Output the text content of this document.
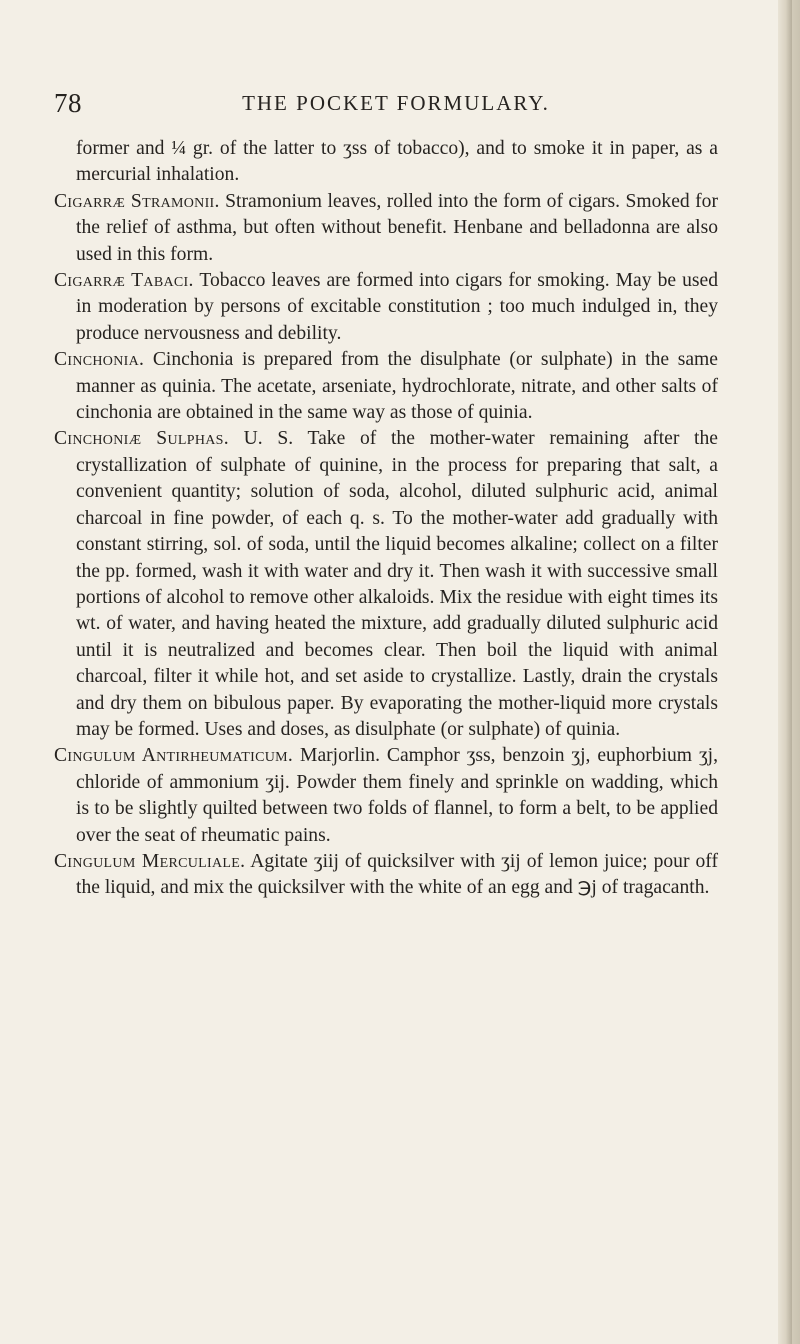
78	THE POCKET FORMULARY.

former and ¼ gr. of the latter to ʒss of tobacco), and to smoke it in paper, as a mercurial inhalation.

Cigarræ Stramonii. Stramonium leaves, rolled into the form of cigars. Smoked for the relief of asthma, but often without benefit. Henbane and belladonna are also used in this form.

Cigarræ Tabaci. Tobacco leaves are formed into cigars for smoking. May be used in moderation by persons of excitable constitution ; too much indulged in, they produce nervousness and debility.

Cinchonia. Cinchonia is prepared from the disulphate (or sulphate) in the same manner as quinia. The acetate, arseniate, hydrochlorate, nitrate, and other salts of cinchonia are obtained in the same way as those of quinia.

Cinchoniæ Sulphas. U. S. Take of the mother-water remaining after the crystallization of sulphate of quinine, in the process for preparing that salt, a convenient quantity; solution of soda, alcohol, diluted sulphuric acid, animal charcoal in fine powder, of each q. s. To the mother-water add gradually with constant stirring, sol. of soda, until the liquid becomes alkaline; collect on a filter the pp. formed, wash it with water and dry it. Then wash it with successive small portions of alcohol to remove other alkaloids. Mix the residue with eight times its wt. of water, and having heated the mixture, add gradually diluted sulphuric acid until it is neutralized and becomes clear. Then boil the liquid with animal charcoal, filter it while hot, and set aside to crystallize. Lastly, drain the crystals and dry them on bibulous paper. By evaporating the mother-liquid more crystals may be formed. Uses and doses, as disulphate (or sulphate) of quinia.

Cingulum Antirheumaticum. Marjorlin. Camphor ʒss, benzoin ʒj, euphorbium ʒj, chloride of ammonium ʒij. Powder them finely and sprinkle on wadding, which is to be slightly quilted between two folds of flannel, to form a belt, to be applied over the seat of rheumatic pains.

Cingulum Merculiale. Agitate ʒiij of quicksilver with ʒij of lemon juice; pour off the liquid, and mix the quicksilver with the white of an egg and ℈j of tragacanth.
